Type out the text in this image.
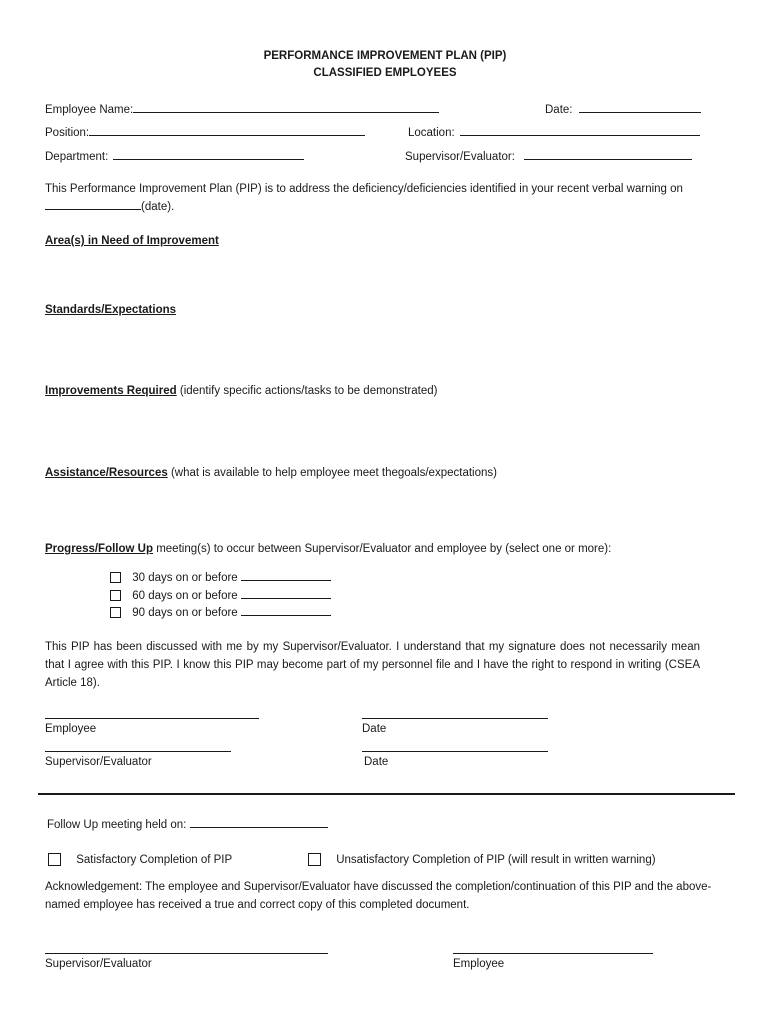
PERFORMANCE IMPROVEMENT PLAN (PIP)
CLASSIFIED EMPLOYEES
Employee Name:	Date:
Position:	Location:
Department:	Supervisor/Evaluator:
This Performance Improvement Plan (PIP) is to address the deficiency/deficiencies identified in your recent verbal warning on (date).
Area(s) in Need of Improvement
Standards/Expectations
Improvements Required (identify specific actions/tasks to be demonstrated)
Assistance/Resources (what is available to help employee meet thegoals/expectations)
Progress/Follow Up meeting(s) to occur between Supervisor/Evaluator and employee by (select one or more):
30 days on or before
60 days on or before
90 days on or before
This PIP has been discussed with me by my Supervisor/Evaluator. I understand that my signature does not necessarily mean that I agree with this PIP. I know this PIP may become part of my personnel file and I have the right to respond in writing (CSEA Article 18).
Employee	Date
Supervisor/Evaluator	Date
Follow Up meeting held on:
Satisfactory Completion of PIP	Unsatisfactory Completion of PIP (will result in written warning)
Acknowledgement: The employee and Supervisor/Evaluator have discussed the completion/continuation of this PIP and the above- named employee has received a true and correct copy of this completed document.
Supervisor/Evaluator	Employee
